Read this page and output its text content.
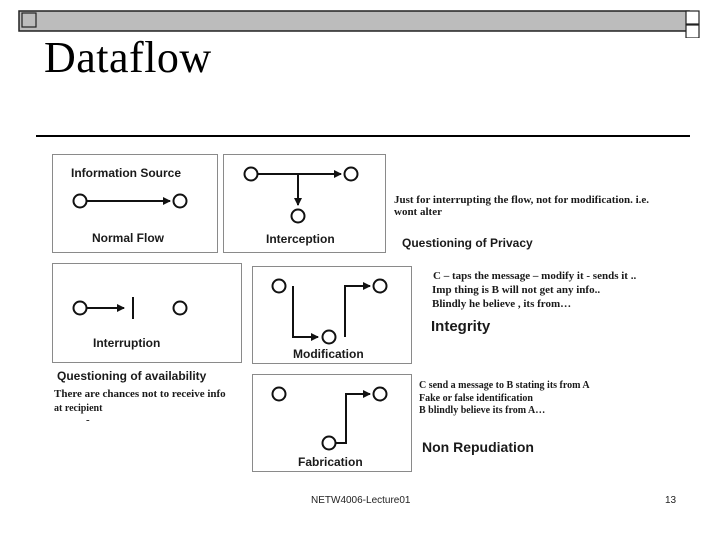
Dataflow
Information Source
Normal Flow	Interception
Interruption
Modification
Fabrication
Just for interrupting the flow, not for modification. i.e.
wont alter
Questioning of Privacy
C – taps the message – modify it - sends it ..
Imp thing is B will not get any info..
Blindly he believe , its from…
Integrity
Questioning of availability
There are chances not to receive info
at recipient
-
C send a message to B stating its from A
Fake or false identification
B blindly believe its from A…
Non Repudiation
NETW4006-Lecture01	13
